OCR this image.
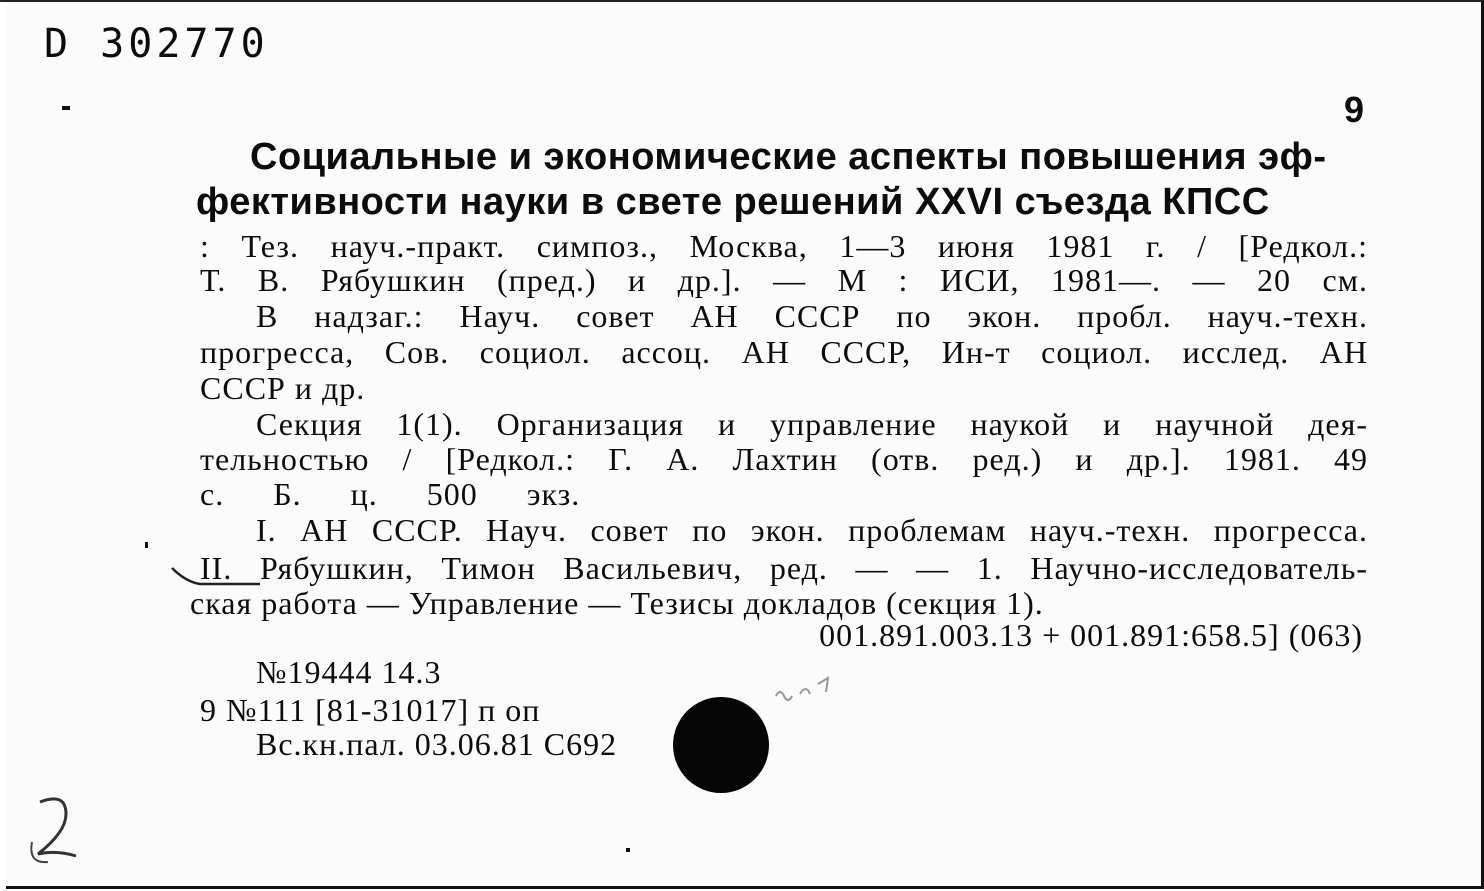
D 302770
9
Социальные и экономические аспекты повышения эф-
фективности науки в свете решений XXVI съезда КПСС
: Тез. науч.-практ. симпоз., Москва, 1—3 июня 1981 г. / [Редкол.:
Т. В. Рябушкин (пред.) и др.]. — М : ИСИ, 1981—. — 20 см.
В надзаг.: Науч. совет АН СССР по экон. пробл. науч.-техн.
прогресса, Сов. социол. ассоц. АН СССР, Ин-т социол. исслед. АН
СССР и др.
Секция 1(1). Организация и управление наукой и научной дея-
тельностью / [Редкол.: Г. А. Лахтин (отв. ред.) и др.]. 1981. 49
с. Б. ц. 500 экз.
I. АН СССР. Науч. совет по экон. проблемам науч.-техн. прогресса.
II. Рябушкин, Тимон Васильевич, ред. — — 1. Научно-исследователь-
ская работа — Управление — Тезисы докладов (секция 1).
001.891.003.13 + 001.891:658.5] (063)
№19444 14.3
9 №111 [81-31017] п оп
Вс.кн.пал. 03.06.81 С692
